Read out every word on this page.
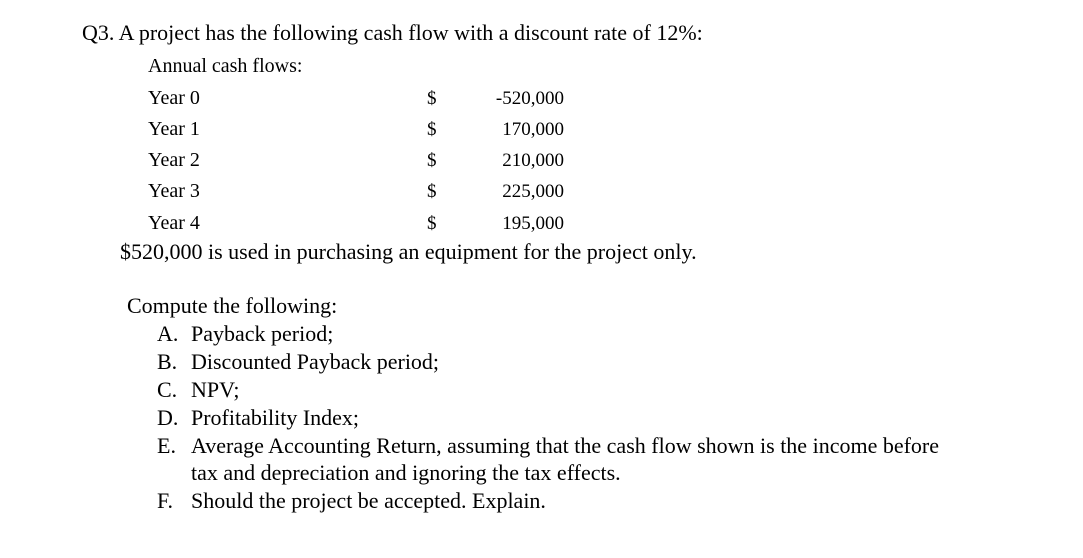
Q3. A project has the following cash flow with a discount rate of 12%:
Annual cash flows:
Year 0	$	-520,000
Year 1	$	170,000
Year 2	$	210,000
Year 3	$	225,000
Year 4	$	195,000
$520,000 is used in purchasing an equipment for the project only.
Compute the following:
A. Payback period;
B. Discounted Payback period;
C. NPV;
D. Profitability Index;
E. Average Accounting Return, assuming that the cash flow shown is the income before
tax and depreciation and ignoring the tax effects.
F. Should the project be accepted. Explain.
